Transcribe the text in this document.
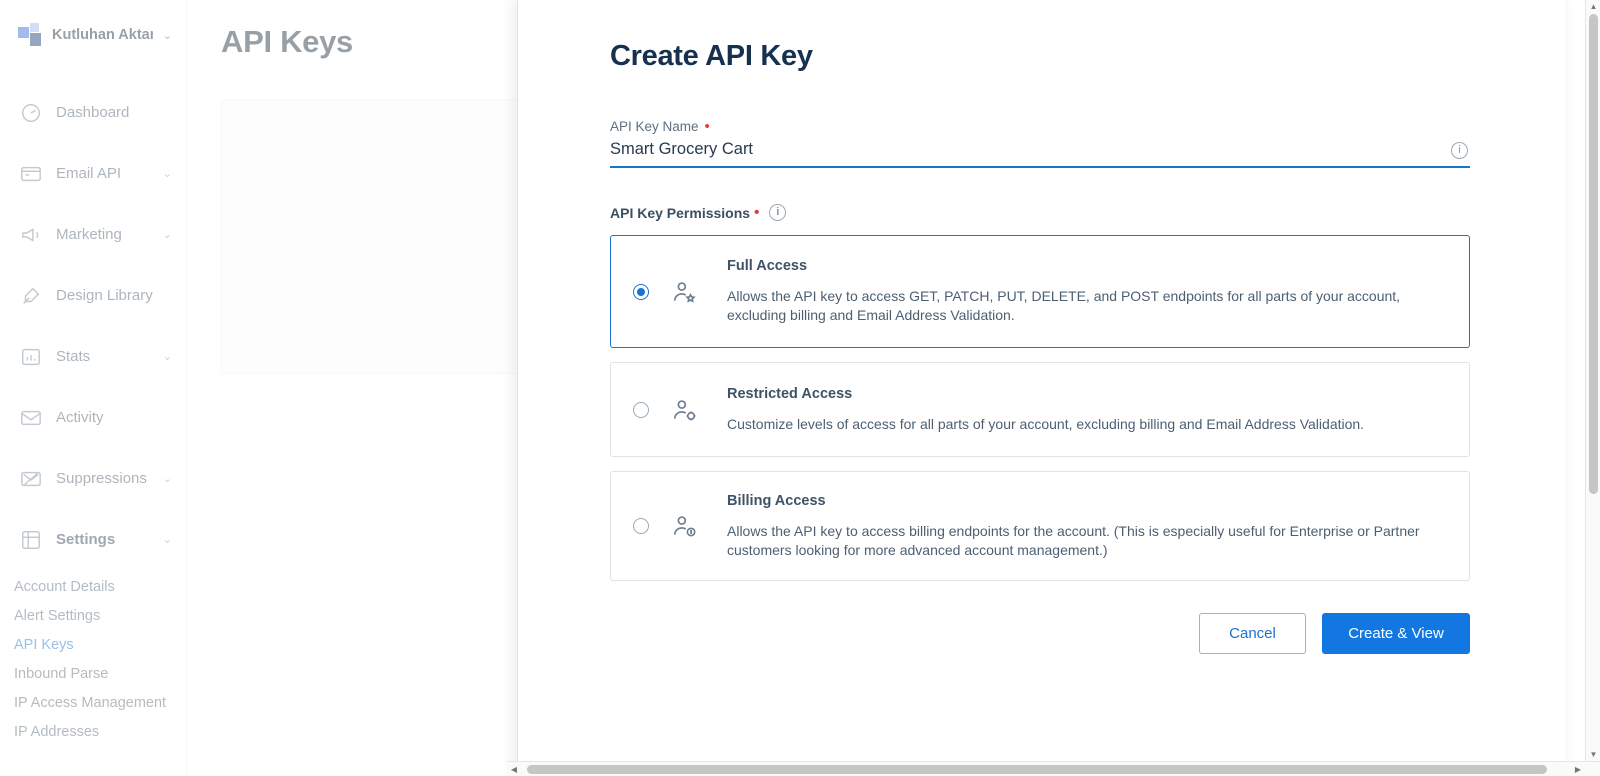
Create API Key
API Key Name •
Smart Grocery Cart
i
API Key Permissions •	i
Full Access
Allows the API key to access GET, PATCH, PUT, DELETE, and POST endpoints for all parts of your account, excluding billing and Email Address Validation.
Restricted Access
Customize levels of access for all parts of your account, excluding billing and Email Address Validation.
Billing Access
Allows the API key to access billing endpoints for the account. (This is especially useful for Enterprise or Partner customers looking for more advanced account management.)
Cancel	Create & View
▲
▼
◀	▶
